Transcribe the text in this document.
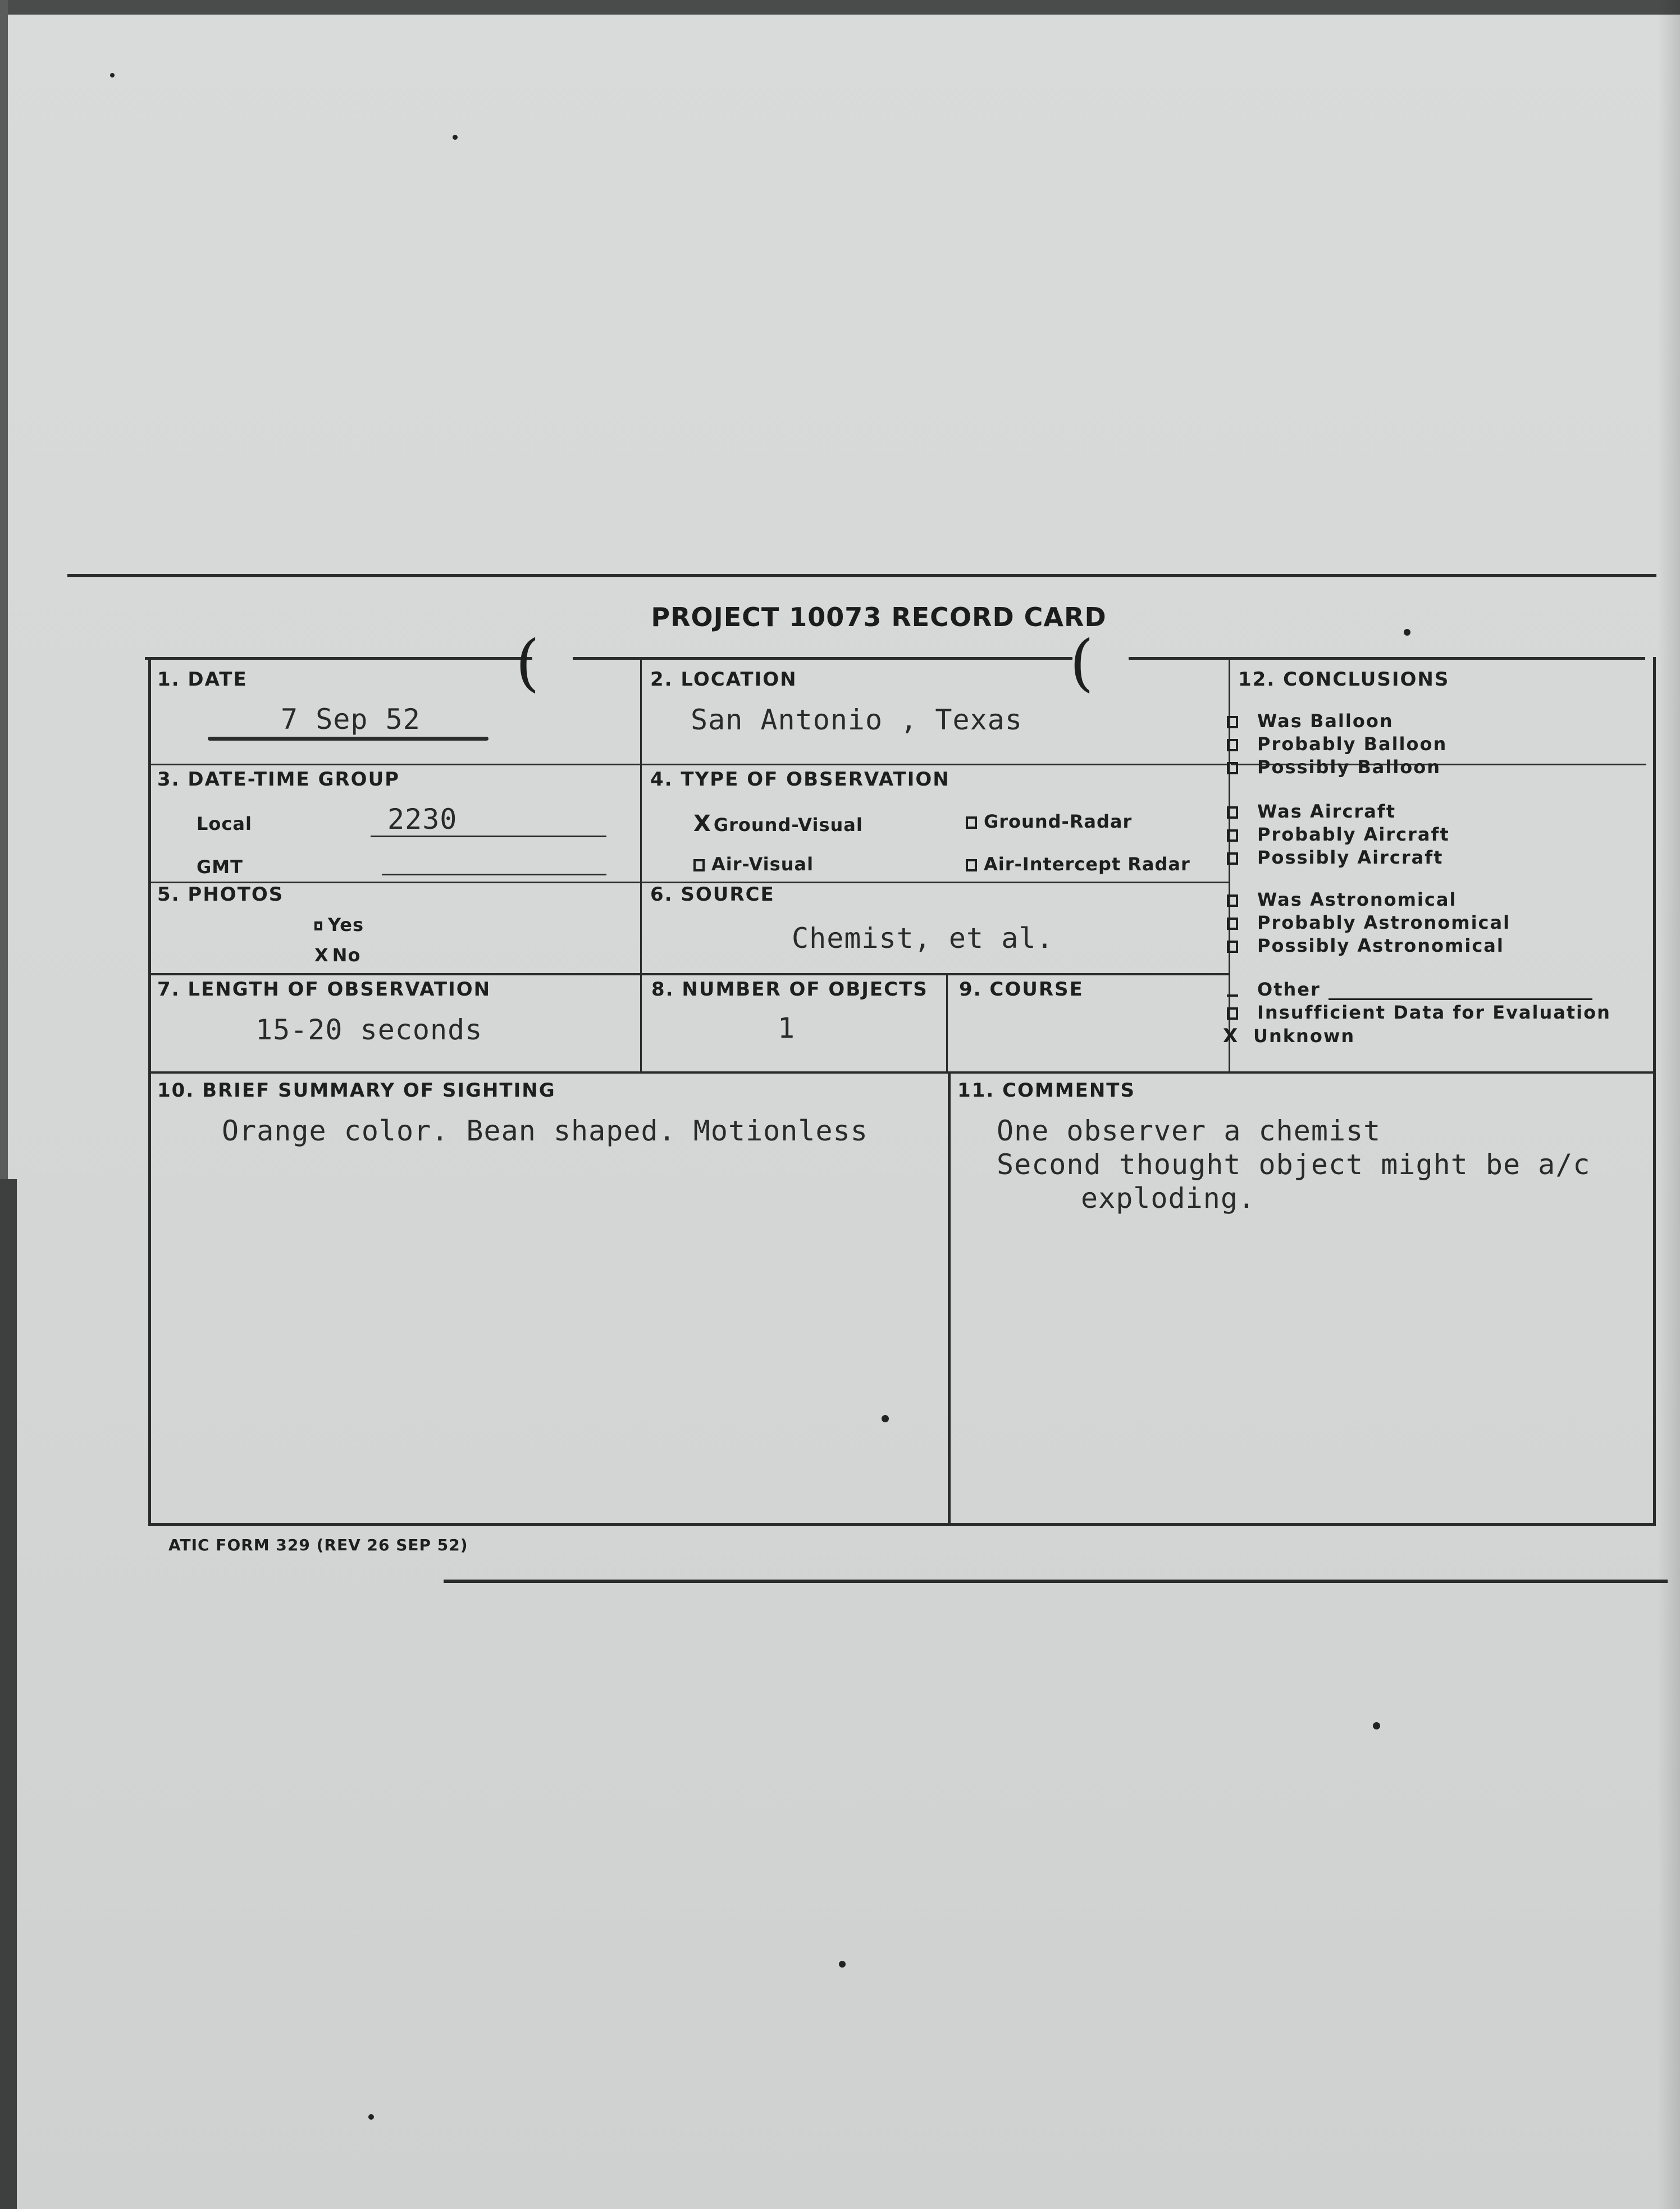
PROJECT 10073 RECORD CARD
(	(
1. DATE
7 Sep 52
2. LOCATION
San Antonio , Texas
3. DATE-TIME GROUP
Local	2230
GMT
4. TYPE OF OBSERVATION
X Ground-Visual	Ground-Radar
Air-Visual	Air-Intercept Radar
5. PHOTOS
Yes
X No
6. SOURCE
Chemist, et al.
7. LENGTH OF OBSERVATION
15-20 seconds
8. NUMBER OF OBJECTS
1
9. COURSE
10. BRIEF SUMMARY OF SIGHTING
Orange color. Bean shaped. Motionless
11. COMMENTS
One observer a chemist
Second thought object might be a/c
exploding.
12. CONCLUSIONS
Was Balloon
Probably Balloon
Possibly Balloon
Was Aircraft
Probably Aircraft
Possibly Aircraft
Was Astronomical
Probably Astronomical
Possibly Astronomical
Other
Insufficient Data for Evaluation
X Unknown
ATIC FORM 329 (REV 26 SEP 52)
